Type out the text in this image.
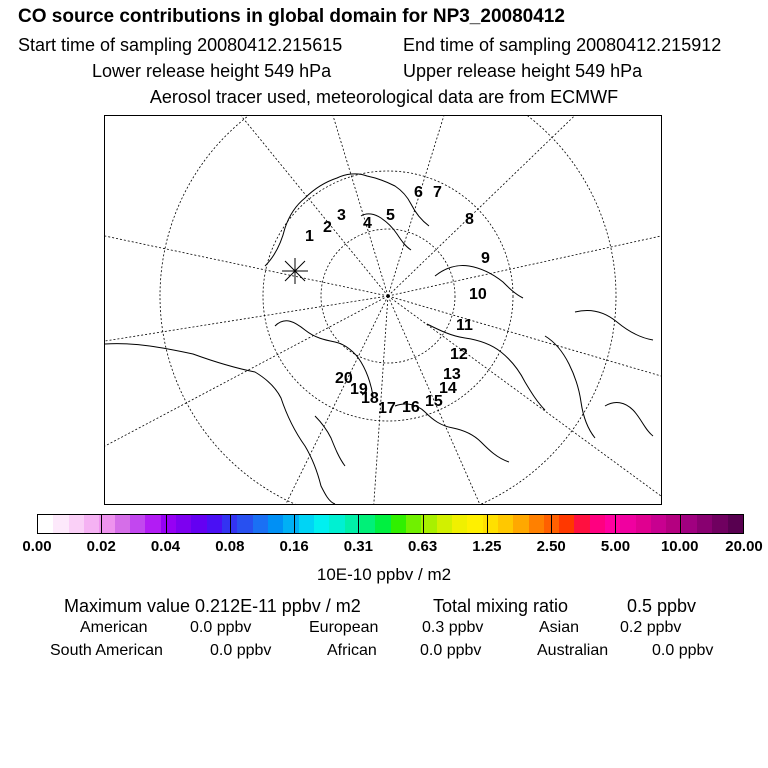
CO source contributions in global domain for NP3_20080412
Start time of sampling 20080412.215615	End time of sampling 20080412.215912
Lower release height 549 hPa	Upper release height 549 hPa
Aerosol tracer used, meteorological data are from ECMWF
2
3 4 5
6 7
8
9
10
11
12
13
14
15
16
17
18
19
20
1
0.00 0.02 0.04 0.08 0.16 0.31 0.63 1.25 2.50 5.00 10.00 20.00
10E-10 ppbv / m2
Maximum value 0.212E-11 ppbv / m2	Total mixing ratio	0.5 ppbv
American	0.0 ppbv	European	0.3 ppbv	Asian	0.2 ppbv
South American	0.0 ppbv	African	0.0 ppbv	Australian	0.0 ppbv
